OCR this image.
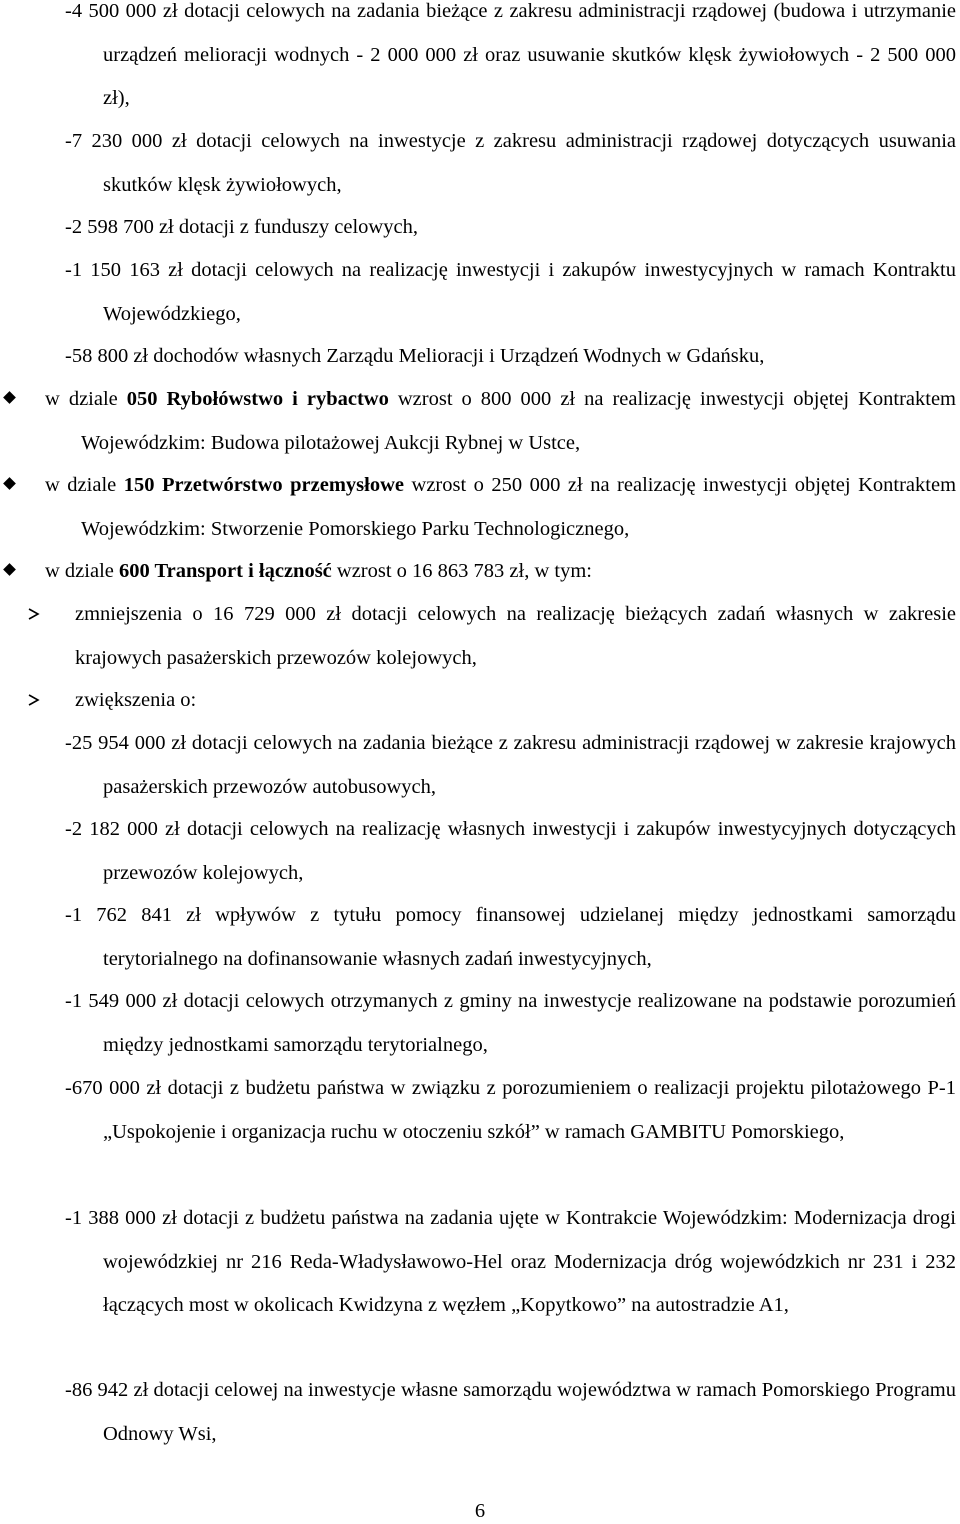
-4 500 000 zł dotacji celowych na zadania bieżące z zakresu administracji rządowej (budowa i utrzymanie urządzeń melioracji wodnych - 2 000 000 zł oraz usuwanie skutków klęsk żywiołowych - 2 500 000 zł),
-7 230 000 zł dotacji celowych na inwestycje z zakresu administracji rządowej dotyczących usuwania skutków klęsk żywiołowych,
-2 598 700 zł dotacji z funduszy celowych,
-1 150 163 zł dotacji celowych na realizację inwestycji i zakupów inwestycyjnych w ramach Kontraktu Wojewódzkiego,
-58 800 zł dochodów własnych Zarządu Melioracji i Urządzeń Wodnych w Gdańsku,
w dziale 050 Rybołówstwo i rybactwo wzrost o 800 000 zł na realizację inwestycji objętej Kontraktem Wojewódzkim: Budowa pilotażowej Aukcji Rybnej w Ustce,
w dziale 150 Przetwórstwo przemysłowe wzrost o 250 000 zł na realizację inwestycji objętej Kontraktem Wojewódzkim: Stworzenie Pomorskiego Parku Technologicznego,
w dziale 600 Transport i łączność wzrost o 16 863 783 zł, w tym:
zmniejszenia o 16 729 000 zł dotacji celowych na realizację bieżących zadań własnych w zakresie krajowych pasażerskich przewozów kolejowych,
zwiększenia o:
-25 954 000 zł dotacji celowych na zadania bieżące z zakresu administracji rządowej w zakresie krajowych pasażerskich przewozów autobusowych,
-2 182 000 zł dotacji celowych na realizację własnych inwestycji i zakupów inwestycyjnych dotyczących przewozów kolejowych,
-1 762 841 zł wpływów z tytułu pomocy finansowej udzielanej między jednostkami samorządu terytorialnego na dofinansowanie własnych zadań inwestycyjnych,
-1 549 000 zł dotacji celowych otrzymanych z gminy na inwestycje realizowane na podstawie porozumień między jednostkami samorządu terytorialnego,
-670 000 zł dotacji z budżetu państwa w związku z porozumieniem o realizacji projektu pilotażowego P-1 „Uspokojenie i organizacja ruchu w otoczeniu szkół” w ramach GAMBITU Pomorskiego,
-1 388 000 zł dotacji z budżetu państwa na zadania ujęte w Kontrakcie Wojewódzkim: Modernizacja drogi wojewódzkiej nr 216 Reda-Władysławowo-Hel oraz Modernizacja dróg wojewódzkich nr 231 i 232 łączących most w okolicach Kwidzyna z węzłem „Kopytkowo” na autostradzie A1,
-86 942 zł dotacji celowej na inwestycje własne samorządu województwa w ramach Pomorskiego Programu Odnowy Wsi,
6
